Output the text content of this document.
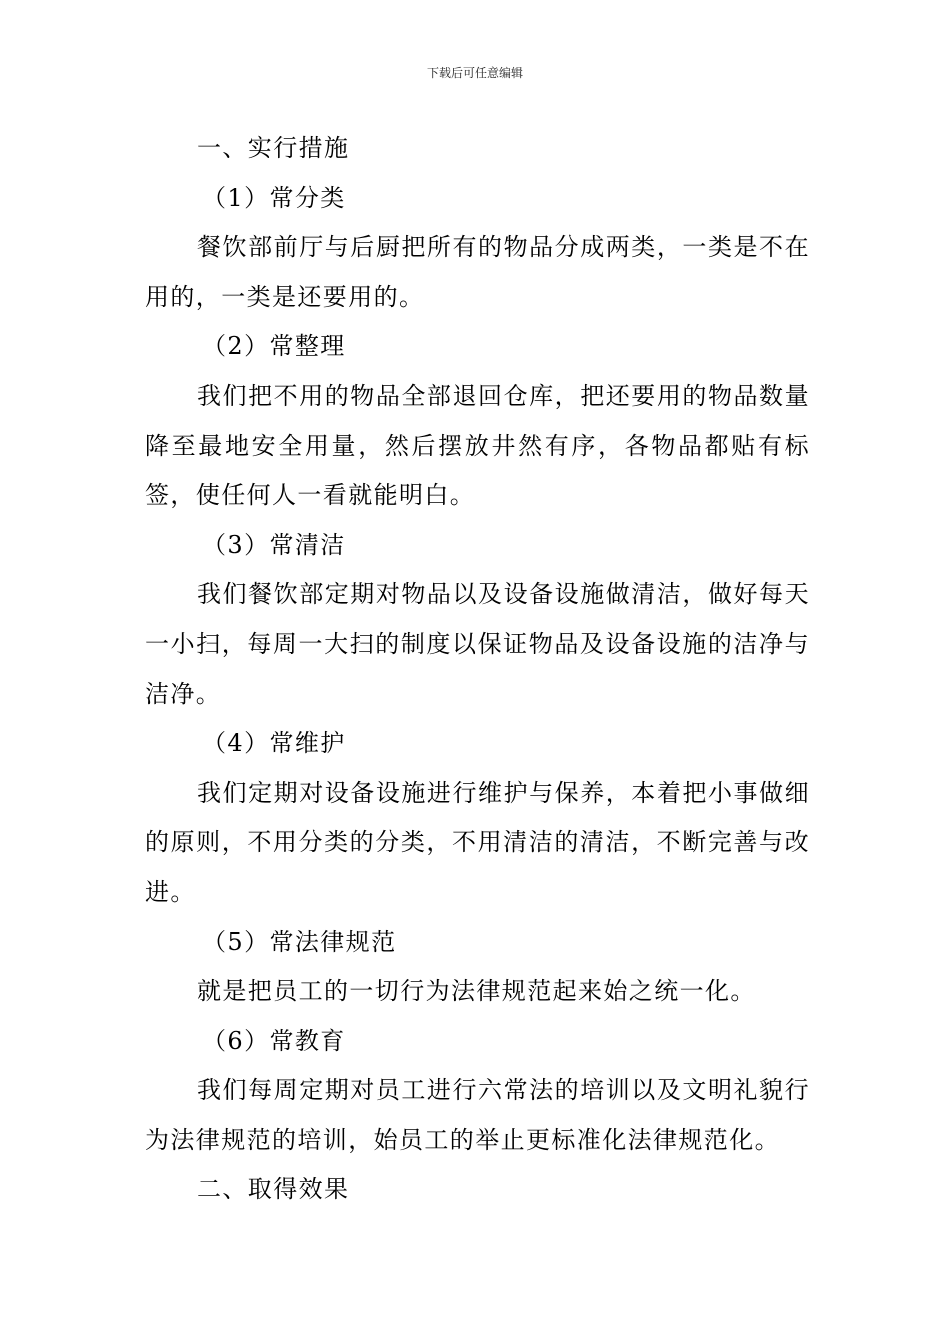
下载后可任意编辑

一、实行措施

（1）常分类

餐饮部前厅与后厨把所有的物品分成两类，一类是不在用的，一类是还要用的。

（2）常整理

我们把不用的物品全部退回仓库，把还要用的物品数量降至最地安全用量，然后摆放井然有序，各物品都贴有标签，使任何人一看就能明白。

（3）常清洁

我们餐饮部定期对物品以及设备设施做清洁，做好每天一小扫，每周一大扫的制度以保证物品及设备设施的洁净与洁净。

（4）常维护

我们定期对设备设施进行维护与保养，本着把小事做细的原则，不用分类的分类，不用清洁的清洁，不断完善与改进。

（5）常法律规范

就是把员工的一切行为法律规范起来始之统一化。

（6）常教育

我们每周定期对员工进行六常法的培训以及文明礼貌行为法律规范的培训，始员工的举止更标准化法律规范化。

二、取得效果
